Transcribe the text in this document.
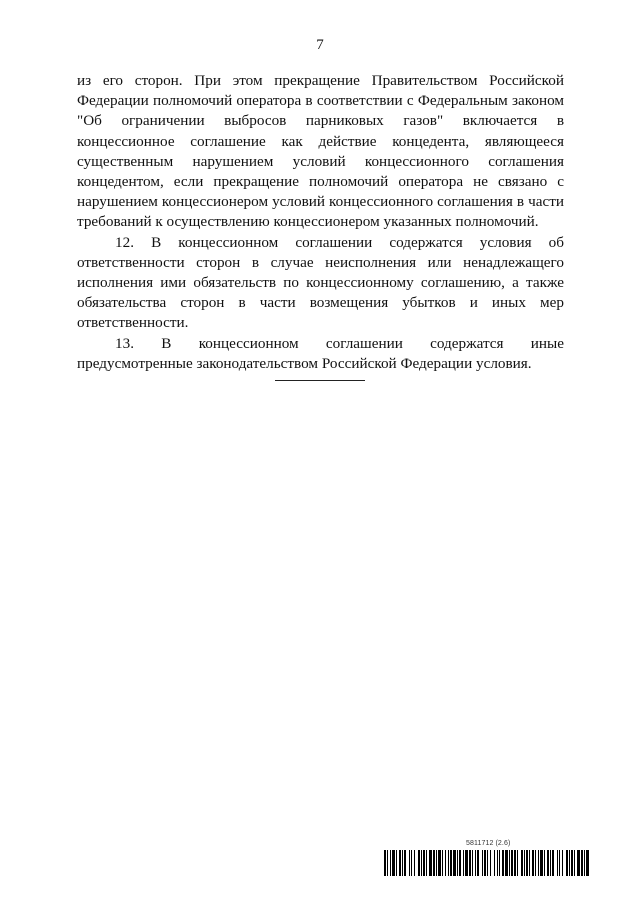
7

из его сторон. При этом прекращение Правительством Российской Федерации полномочий оператора в соответствии с Федеральным законом "Об ограничении выбросов парниковых газов" включается в концессионное соглашение как действие концедента, являющееся существенным нарушением условий концессионного соглашения концедентом, если прекращение полномочий оператора не связано с нарушением концессионером условий концессионного соглашения в части требований к осуществлению концессионером указанных полномочий.

12. В концессионном соглашении содержатся условия об ответственности сторон в случае неисполнения или ненадлежащего исполнения ими обязательств по концессионному соглашению, а также обязательства сторон в части возмещения убытков и иных мер ответственности.

13. В концессионном соглашении содержатся иные предусмотренные законодательством Российской Федерации условия.

5811712 (2.6)
